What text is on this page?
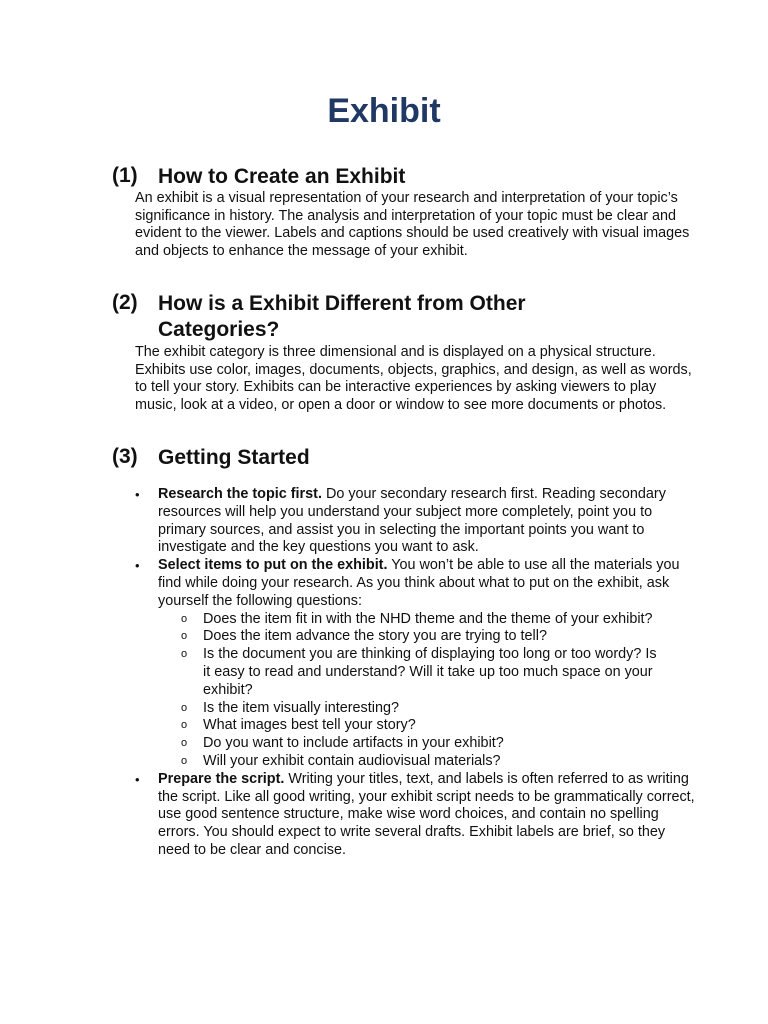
Exhibit
(1) How to Create an Exhibit
An exhibit is a visual representation of your research and interpretation of your topic’s significance in history. The analysis and interpretation of your topic must be clear and evident to the viewer. Labels and captions should be used creatively with visual images and objects to enhance the message of your exhibit.
(2) How is a Exhibit Different from Other Categories?
The exhibit category is three dimensional and is displayed on a physical structure. Exhibits use color, images, documents, objects, graphics, and design, as well as words, to tell your story. Exhibits can be interactive experiences by asking viewers to play music, look at a video, or open a door or window to see more documents or photos.
(3) Getting Started
• Research the topic first. Do your secondary research first. Reading secondary resources will help you understand your subject more completely, point you to primary sources, and assist you in selecting the important points you want to investigate and the key questions you want to ask.
• Select items to put on the exhibit. You won’t be able to use all the materials you find while doing your research. As you think about what to put on the exhibit, ask yourself the following questions:
o Does the item fit in with the NHD theme and the theme of your exhibit?
o Does the item advance the story you are trying to tell?
o Is the document you are thinking of displaying too long or too wordy? Is it easy to read and understand? Will it take up too much space on your exhibit?
o Is the item visually interesting?
o What images best tell your story?
o Do you want to include artifacts in your exhibit?
o Will your exhibit contain audiovisual materials?
• Prepare the script. Writing your titles, text, and labels is often referred to as writing the script. Like all good writing, your exhibit script needs to be grammatically correct, use good sentence structure, make wise word choices, and contain no spelling errors. You should expect to write several drafts. Exhibit labels are brief, so they need to be clear and concise.
